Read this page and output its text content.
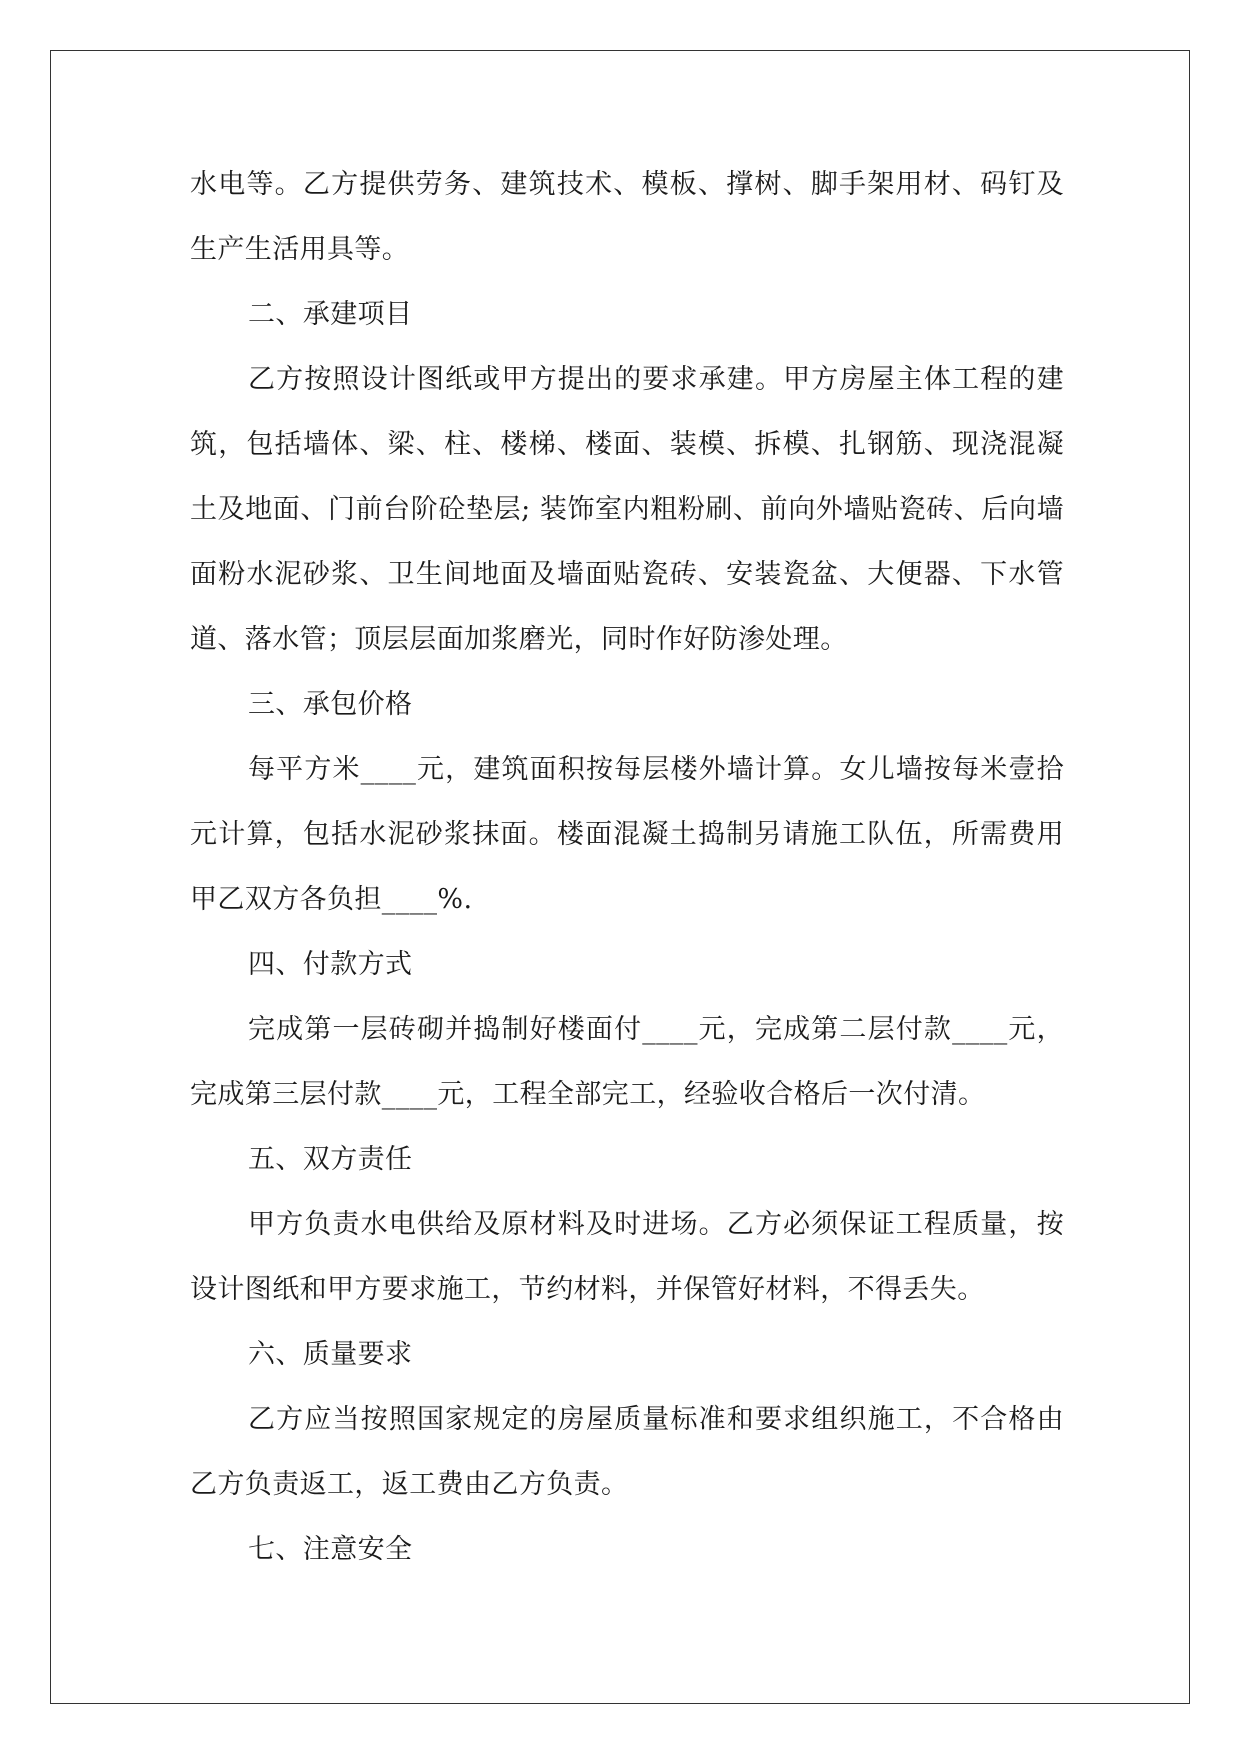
水电等。乙方提供劳务、建筑技术、模板、撑树、脚手架用材、码钉及生产生活用具等。

二、承建项目

乙方按照设计图纸或甲方提出的要求承建。甲方房屋主体工程的建筑，包括墙体、梁、柱、楼梯、楼面、装模、拆模、扎钢筋、现浇混凝土及地面、门前台阶砼垫层; 装饰室内粗粉刷、前向外墙贴瓷砖、后向墙面粉水泥砂浆、卫生间地面及墙面贴瓷砖、安装瓷盆、大便器、下水管道、落水管；顶层层面加浆磨光，同时作好防渗处理。

三、承包价格

每平方米____元，建筑面积按每层楼外墙计算。女儿墙按每米壹拾元计算，包括水泥砂浆抹面。楼面混凝土捣制另请施工队伍，所需费用甲乙双方各负担____%.

四、付款方式

完成第一层砖砌并捣制好楼面付____元，完成第二层付款____元，完成第三层付款____元，工程全部完工，经验收合格后一次付清。

五、双方责任

甲方负责水电供给及原材料及时进场。乙方必须保证工程质量，按设计图纸和甲方要求施工，节约材料，并保管好材料，不得丢失。

六、质量要求

乙方应当按照国家规定的房屋质量标准和要求组织施工，不合格由乙方负责返工，返工费由乙方负责。

七、注意安全
